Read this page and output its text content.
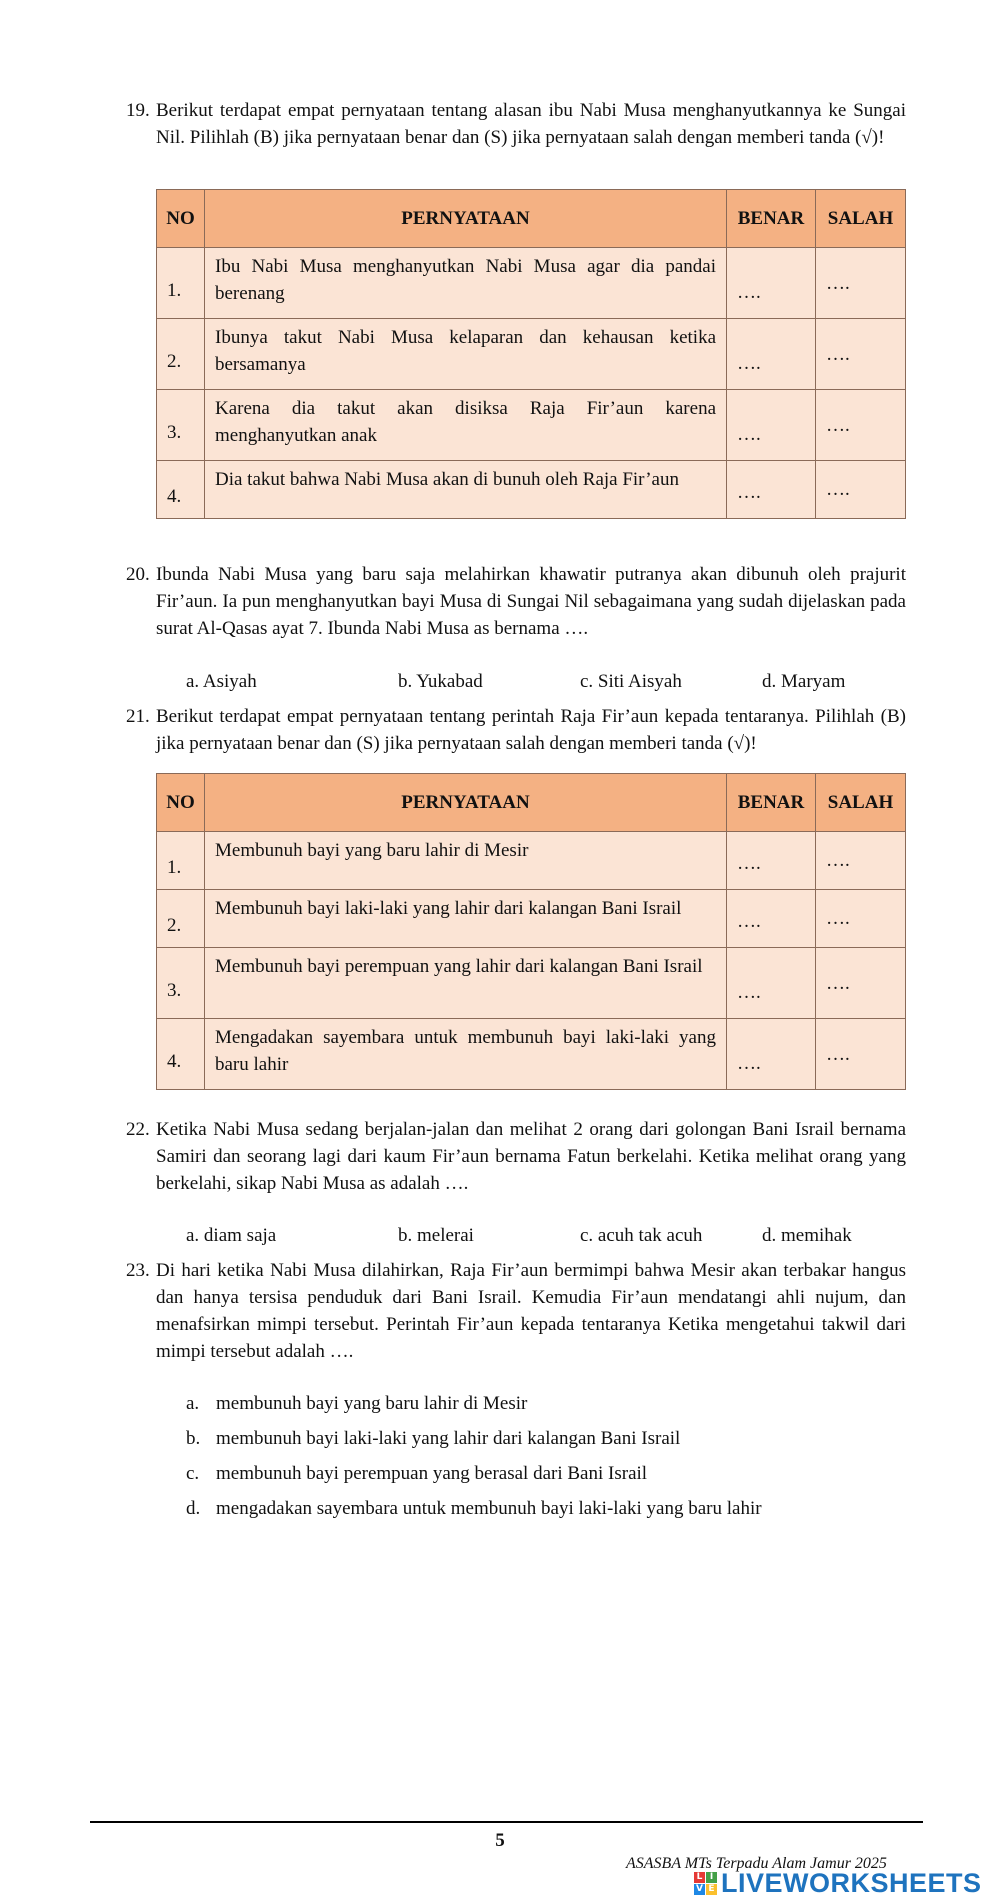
19. Berikut terdapat empat pernyataan tentang alasan ibu Nabi Musa menghanyutkannya ke Sungai Nil. Pilihlah (B) jika pernyataan benar dan (S) jika pernyataan salah dengan memberi tanda (√)!
NO	PERNYATAAN	BENAR	SALAH
1.	Ibu Nabi Musa menghanyutkan Nabi Musa agar dia pandai berenang	….	….
2.	Ibunya takut Nabi Musa kelaparan dan kehausan ketika bersamanya	….	….
3.	Karena dia takut akan disiksa Raja Fir’aun karena menghanyutkan anak	….	….
4.	Dia takut bahwa Nabi Musa akan di bunuh oleh Raja Fir’aun	….	….
20. Ibunda Nabi Musa yang baru saja melahirkan khawatir putranya akan dibunuh oleh prajurit Fir’aun. Ia pun menghanyutkan bayi Musa di Sungai Nil sebagaimana yang sudah dijelaskan pada surat Al-Qasas ayat 7. Ibunda Nabi Musa as bernama ….
a. Asiyah	b. Yukabad	c. Siti Aisyah	d. Maryam
21. Berikut terdapat empat pernyataan tentang perintah Raja Fir’aun kepada tentaranya. Pilihlah (B) jika pernyataan benar dan (S) jika pernyataan salah dengan memberi tanda (√)!
NO	PERNYATAAN	BENAR	SALAH
1.	Membunuh bayi yang baru lahir di Mesir	….	….
2.	Membunuh bayi laki-laki yang lahir dari kalangan Bani Israil	….	….
3.	Membunuh bayi perempuan yang lahir dari kalangan Bani Israil	….	….
4.	Mengadakan sayembara untuk membunuh bayi laki-laki yang baru lahir	….	….
22. Ketika Nabi Musa sedang berjalan-jalan dan melihat 2 orang dari golongan Bani Israil bernama Samiri dan seorang lagi dari kaum Fir’aun bernama Fatun berkelahi. Ketika melihat orang yang berkelahi, sikap Nabi Musa as adalah ….
a. diam saja	b. melerai	c. acuh tak acuh	d. memihak
23. Di hari ketika Nabi Musa dilahirkan, Raja Fir’aun bermimpi bahwa Mesir akan terbakar hangus dan hanya tersisa penduduk dari Bani Israil. Kemudia Fir’aun mendatangi ahli nujum, dan menafsirkan mimpi tersebut. Perintah Fir’aun kepada tentaranya Ketika mengetahui takwil dari mimpi tersebut adalah ….
a. membunuh bayi yang baru lahir di Mesir
b. membunuh bayi laki-laki yang lahir dari kalangan Bani Israil
c. membunuh bayi perempuan yang berasal dari Bani Israil
d. mengadakan sayembara untuk membunuh bayi laki-laki yang baru lahir
5
ASASBA MTs Terpadu Alam Jamur 2025
L I
V E LIVEWORKSHEETS
